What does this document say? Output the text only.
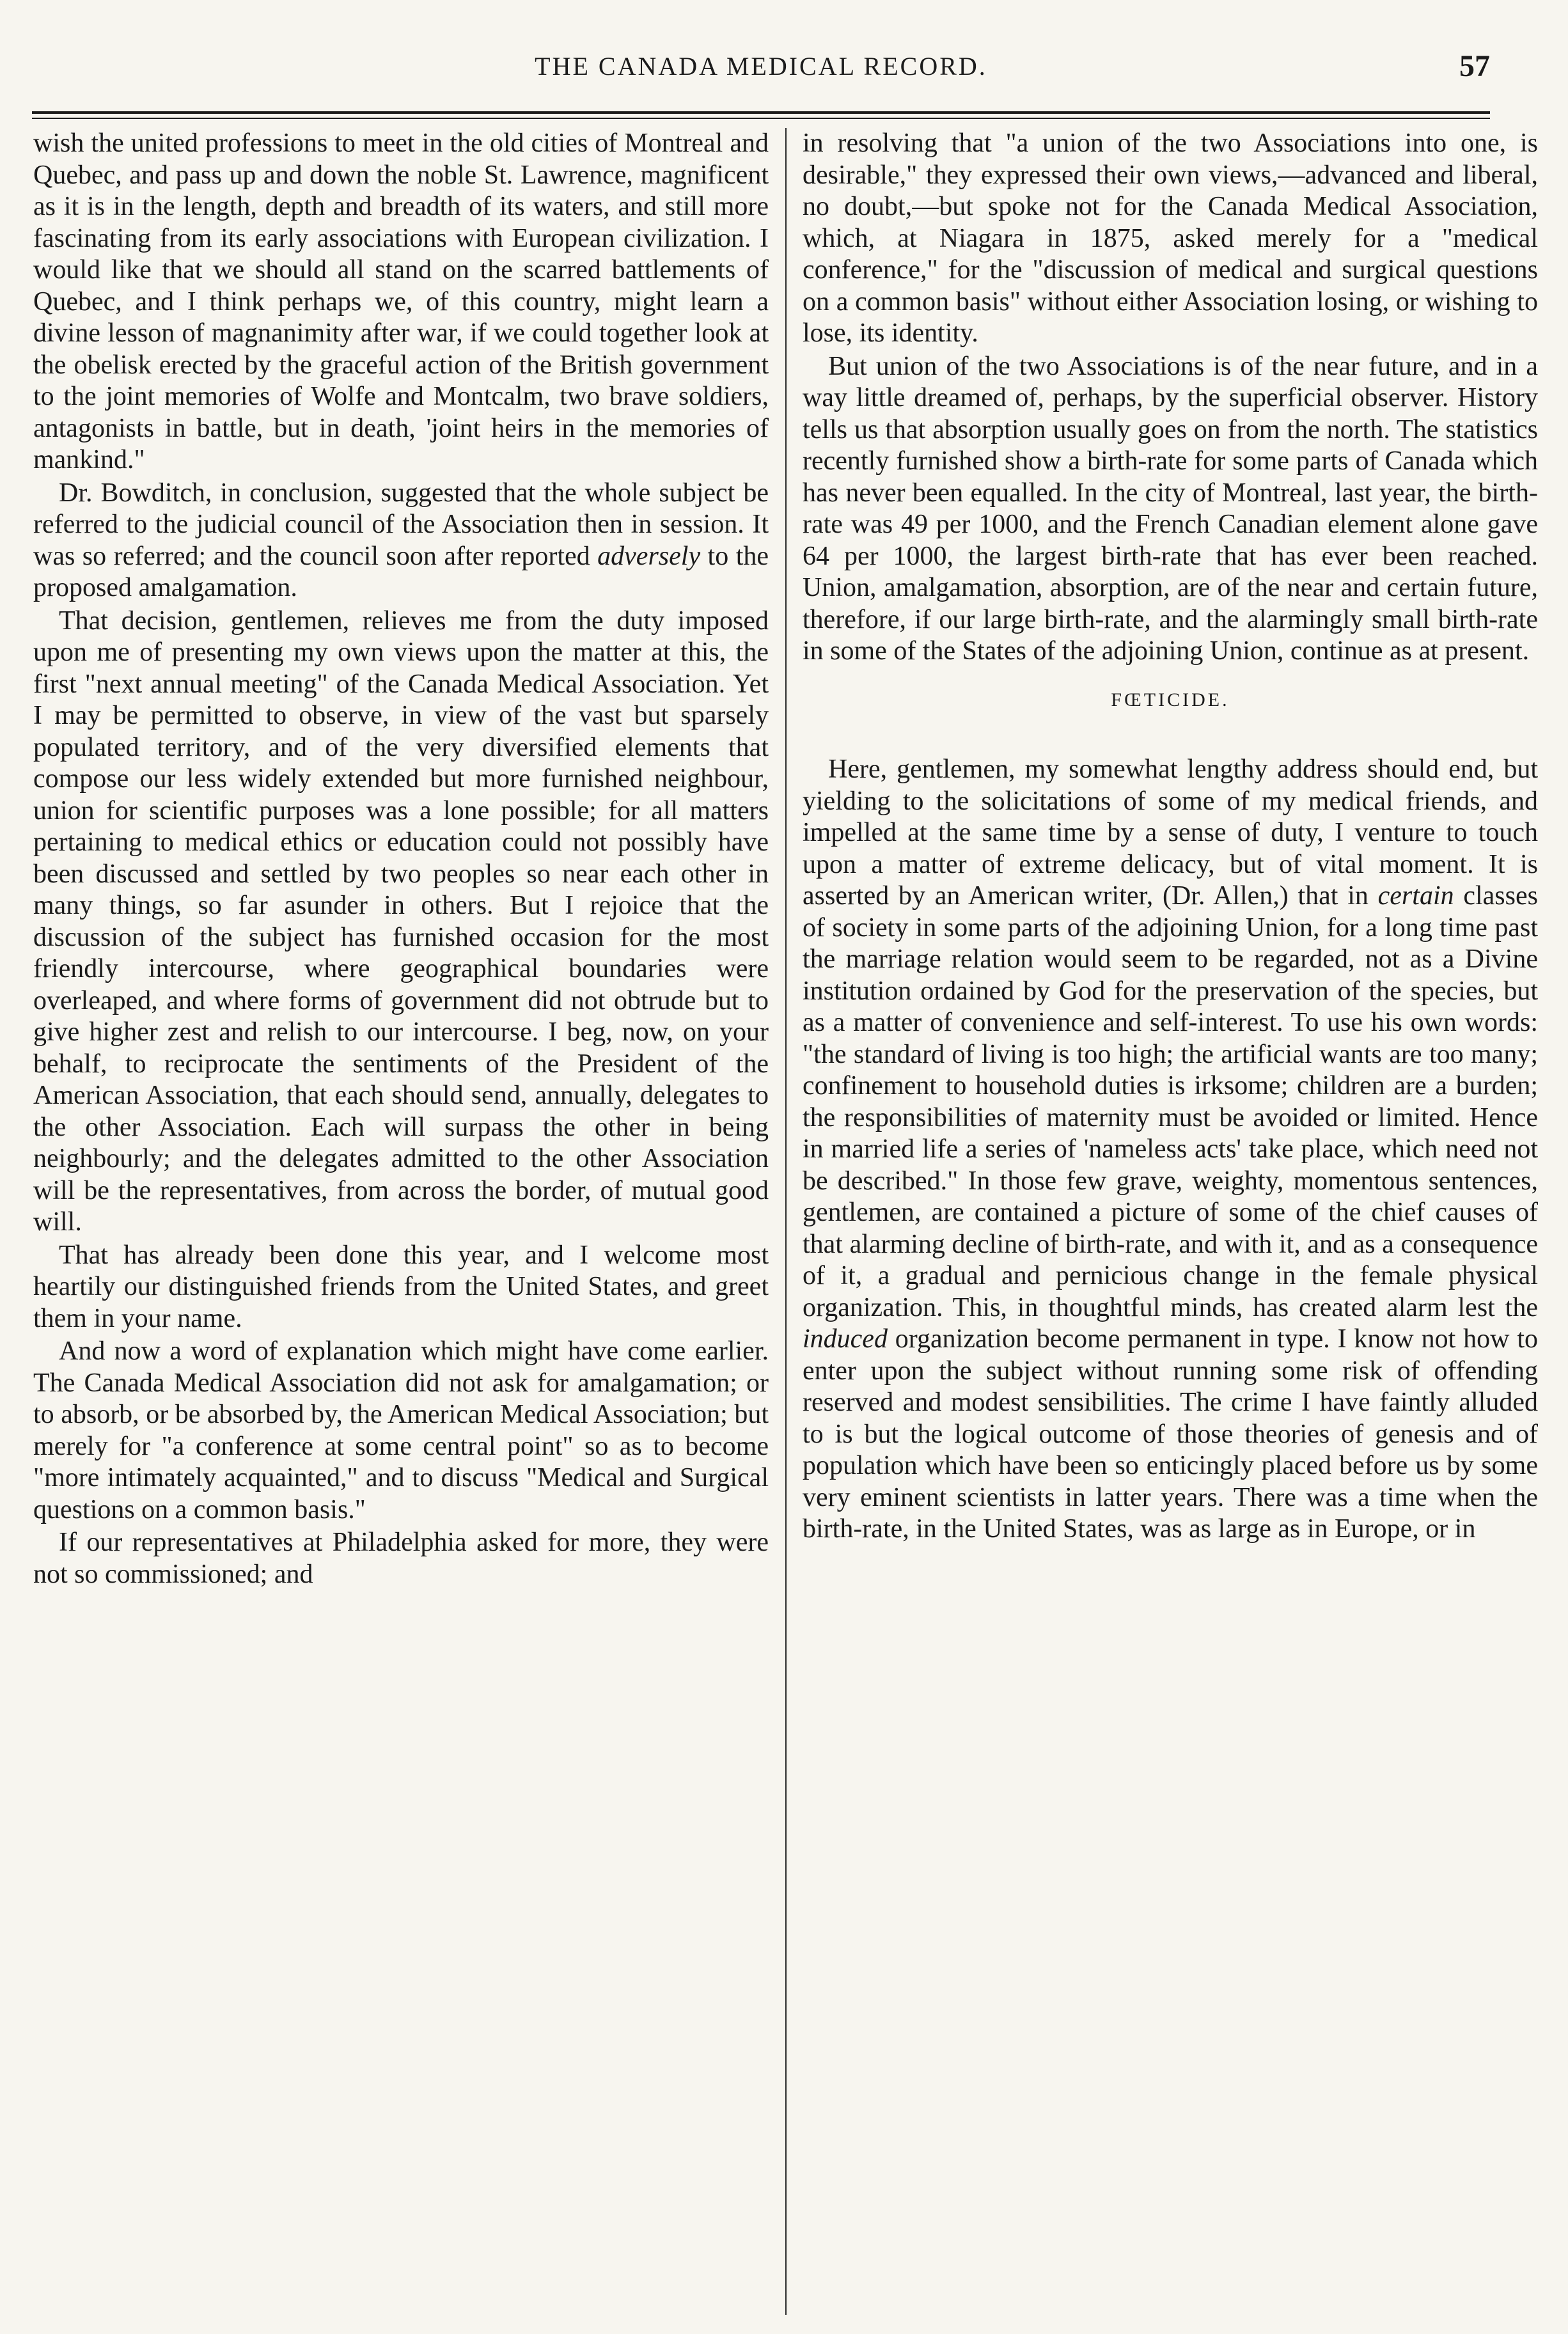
THE CANADA MEDICAL RECORD.	57

wish the united professions to meet in the old cities of Montreal and Quebec, and pass up and down the noble St. Lawrence, magnificent as it is in the length, depth and breadth of its waters, and still more fascinating from its early associations with European civilization. I would like that we should all stand on the scarred battlements of Quebec, and I think perhaps we, of this country, might learn a divine lesson of magnanimity after war, if we could together look at the obelisk erected by the graceful action of the British government to the joint memories of Wolfe and Montcalm, two brave soldiers, antagonists in battle, but in death, 'joint heirs in the memories of mankind."

Dr. Bowditch, in conclusion, suggested that the whole subject be referred to the judicial council of the Association then in session. It was so referred; and the council soon after reported adversely to the proposed amalgamation.

That decision, gentlemen, relieves me from the duty imposed upon me of presenting my own views upon the matter at this, the first "next annual meeting" of the Canada Medical Association. Yet I may be permitted to observe, in view of the vast but sparsely populated territory, and of the very diversified elements that compose our less widely extended but more furnished neighbour, union for scientific purposes was a lone possible; for all matters pertaining to medical ethics or education could not possibly have been discussed and settled by two peoples so near each other in many things, so far asunder in others. But I rejoice that the discussion of the subject has furnished occasion for the most friendly intercourse, where geographical boundaries were overleaped, and where forms of government did not obtrude but to give higher zest and relish to our intercourse. I beg, now, on your behalf, to reciprocate the sentiments of the President of the American Association, that each should send, annually, delegates to the other Association. Each will surpass the other in being neighbourly; and the delegates admitted to the other Association will be the representatives, from across the border, of mutual good will.

That has already been done this year, and I welcome most heartily our distinguished friends from the United States, and greet them in your name.

And now a word of explanation which might have come earlier. The Canada Medical Association did not ask for amalgamation; or to absorb, or be absorbed by, the American Medical Association; but merely for "a conference at some central point" so as to become "more intimately acquainted," and to discuss "Medical and Surgical questions on a common basis."

If our representatives at Philadelphia asked for more, they were not so commissioned; and

in resolving that "a union of the two Associations into one, is desirable," they expressed their own views,—advanced and liberal, no doubt,—but spoke not for the Canada Medical Association, which, at Niagara in 1875, asked merely for a "medical conference," for the "discussion of medical and surgical questions on a common basis" without either Association losing, or wishing to lose, its identity.

But union of the two Associations is of the near future, and in a way little dreamed of, perhaps, by the superficial observer. History tells us that absorption usually goes on from the north. The statistics recently furnished show a birth-rate for some parts of Canada which has never been equalled. In the city of Montreal, last year, the birth-rate was 49 per 1000, and the French Canadian element alone gave 64 per 1000, the largest birth-rate that has ever been reached. Union, amalgamation, absorption, are of the near and certain future, therefore, if our large birth-rate, and the alarmingly small birth-rate in some of the States of the adjoining Union, continue as at present.

FŒTICIDE.

Here, gentlemen, my somewhat lengthy address should end, but yielding to the solicitations of some of my medical friends, and impelled at the same time by a sense of duty, I venture to touch upon a matter of extreme delicacy, but of vital moment. It is asserted by an American writer, (Dr. Allen,) that in certain classes of society in some parts of the adjoining Union, for a long time past the marriage relation would seem to be regarded, not as a Divine institution ordained by God for the preservation of the species, but as a matter of convenience and self-interest. To use his own words: "the standard of living is too high; the artificial wants are too many; confinement to household duties is irksome; children are a burden; the responsibilities of maternity must be avoided or limited. Hence in married life a series of 'nameless acts' take place, which need not be described." In those few grave, weighty, momentous sentences, gentlemen, are contained a picture of some of the chief causes of that alarming decline of birth-rate, and with it, and as a consequence of it, a gradual and pernicious change in the female physical organization. This, in thoughtful minds, has created alarm lest the induced organization become permanent in type. I know not how to enter upon the subject without running some risk of offending reserved and modest sensibilities. The crime I have faintly alluded to is but the logical outcome of those theories of genesis and of population which have been so enticingly placed before us by some very eminent scientists in latter years. There was a time when the birth-rate, in the United States, was as large as in Europe, or in
